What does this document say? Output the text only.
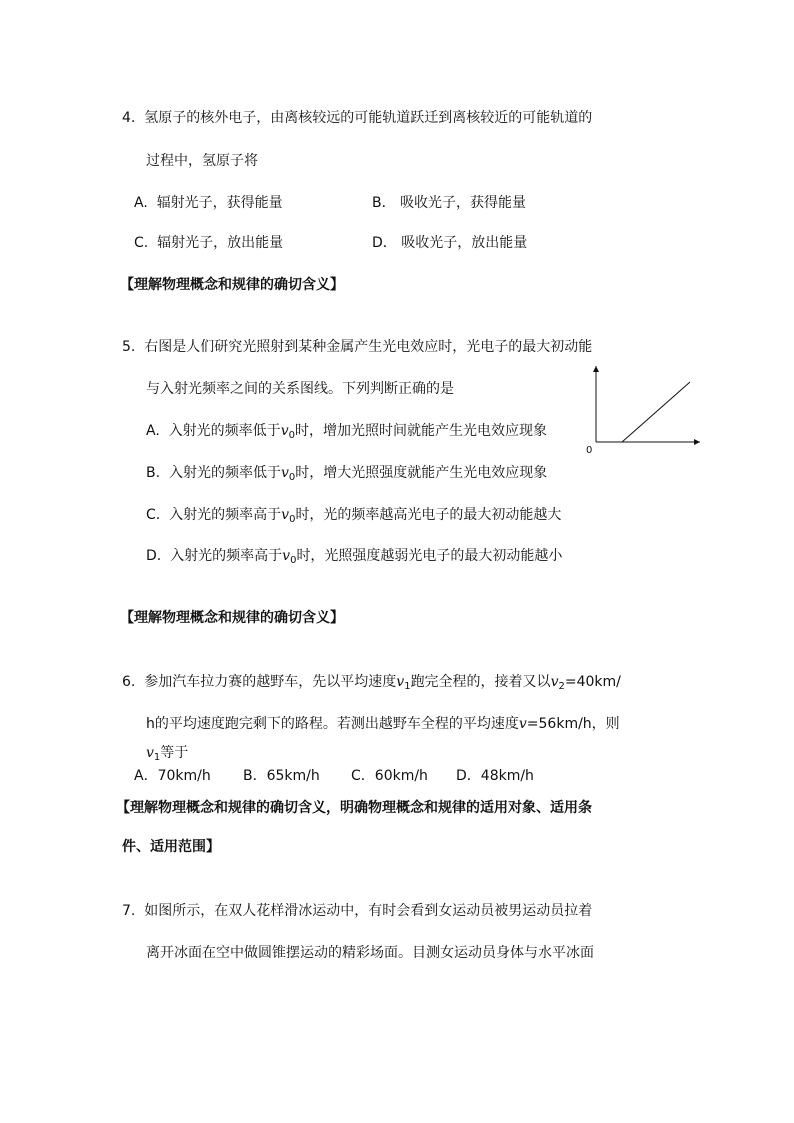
4. 氢原子的核外电子，由离核较远的可能轨道跃迁到离核较近的可能轨道的
过程中，氢原子将
A. 辐射光子，获得能量	B． 吸收光子，获得能量
C. 辐射光子，放出能量	D． 吸收光子，放出能量
【理解物理概念和规律的确切含义】
5. 右图是人们研究光照射到某种金属产生光电效应时，光电子的最大初动能
与入射光频率之间的关系图线。下列判断正确的是
A. 入射光的频率低于$v_0$时，增加光照时间就能产生光电效应现象
B. 入射光的频率低于$v_0$时，增大光照强度就能产生光电效应现象
C. 入射光的频率高于$v_0$时，光的频率越高光电子的最大初动能越大
D. 入射光的频率高于$v_0$时，光照强度越弱光电子的最大初动能越小
0
【理解物理概念和规律的确切含义】
6. 参加汽车拉力赛的越野车，先以平均速度$v_1$跑完全程的，接着又以$v_2=40km/$
h的平均速度跑完剩下的路程。若测出越野车全程的平均速度v=56km/h，则
$v_1$等于
A．70km/h B．65km/h C．60km/h D．48km/h
【理解物理概念和规律的确切含义，明确物理概念和规律的适用对象、适用条
件、适用范围】
7. 如图所示，在双人花样滑冰运动中，有时会看到女运动员被男运动员拉着
离开冰面在空中做圆锥摆运动的精彩场面。目测女运动员身体与水平冰面
